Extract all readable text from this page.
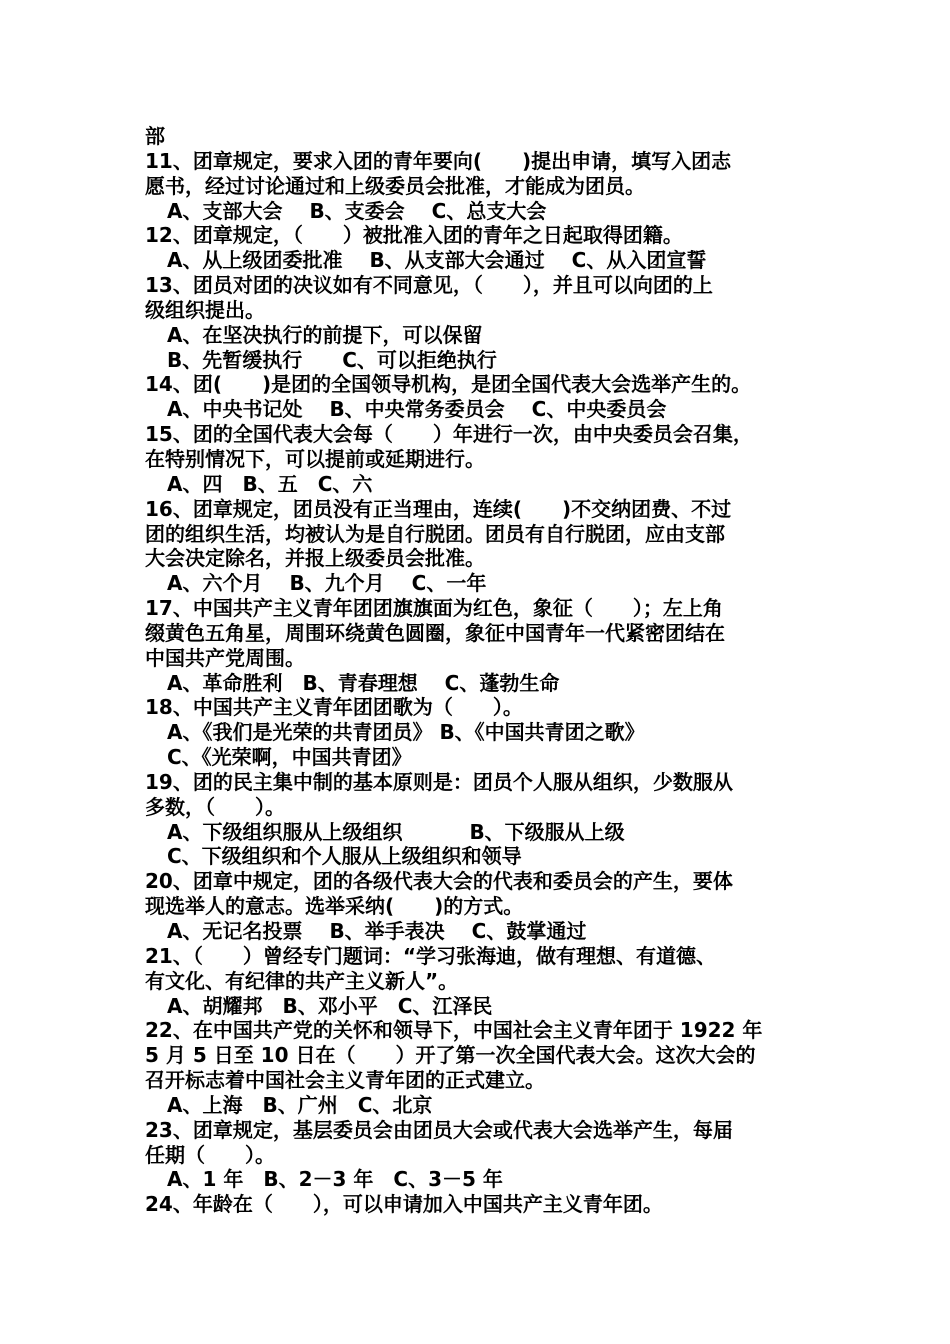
部
11、团章规定，要求入团的青年要向(　　)提出申请，填写入团志
愿书，经过讨论通过和上级委员会批准，才能成为团员。
A、支部大会　 B、支委会　 C、总支大会
12、团章规定，（　　）被批准入团的青年之日起取得团籍。
A、从上级团委批准　 B、从支部大会通过　 C、从入团宣誓
13、团员对团的决议如有不同意见，（　　），并且可以向团的上
级组织提出。
A、在坚决执行的前提下，可以保留
B、先暂缓执行　　C、可以拒绝执行
14、团(　　)是团的全国领导机构，是团全国代表大会选举产生的。
A、中央书记处　 B、中央常务委员会　 C、中央委员会
15、团的全国代表大会每（　　）年进行一次，由中央委员会召集，
在特别情况下，可以提前或延期进行。
A、四　B、五　C、六
16、团章规定，团员没有正当理由，连续(　　)不交纳团费、不过
团的组织生活，均被认为是自行脱团。团员有自行脱团，应由支部
大会决定除名，并报上级委员会批准。
A、六个月　 B、九个月　 C、一年
17、中国共产主义青年团团旗旗面为红色，象征（　　）；左上角
缀黄色五角星，周围环绕黄色圆圈，象征中国青年一代紧密团结在
中国共产党周围。
A、革命胜利　B、青春理想　 C、蓬勃生命
18、中国共产主义青年团团歌为（　　）。
A、《我们是光荣的共青团员》 B、《中国共青团之歌》
C、《光荣啊，中国共青团》
19、团的民主集中制的基本原则是：团员个人服从组织，少数服从
多数，（　　）。
A、下级组织服从上级组织　　　 B、下级服从上级
C、下级组织和个人服从上级组织和领导
20、团章中规定，团的各级代表大会的代表和委员会的产生，要体
现选举人的意志。选举采纳(　　)的方式。
A、无记名投票　 B、举手表决　 C、鼓掌通过
21、（　　）曾经专门题词：“学习张海迪，做有理想、有道德、
有文化、有纪律的共产主义新人”。
A、胡耀邦　B、邓小平　C、江泽民
22、在中国共产党的关怀和领导下，中国社会主义青年团于 1922 年
5 月 5 日至 10 日在（　　）开了第一次全国代表大会。这次大会的
召开标志着中国社会主义青年团的正式建立。
A、上海　B、广州　C、北京
23、团章规定，基层委员会由团员大会或代表大会选举产生，每届
任期（　　）。
A、1 年　B、2－3 年　C、3－5 年
24、年龄在（　　），可以申请加入中国共产主义青年团。
